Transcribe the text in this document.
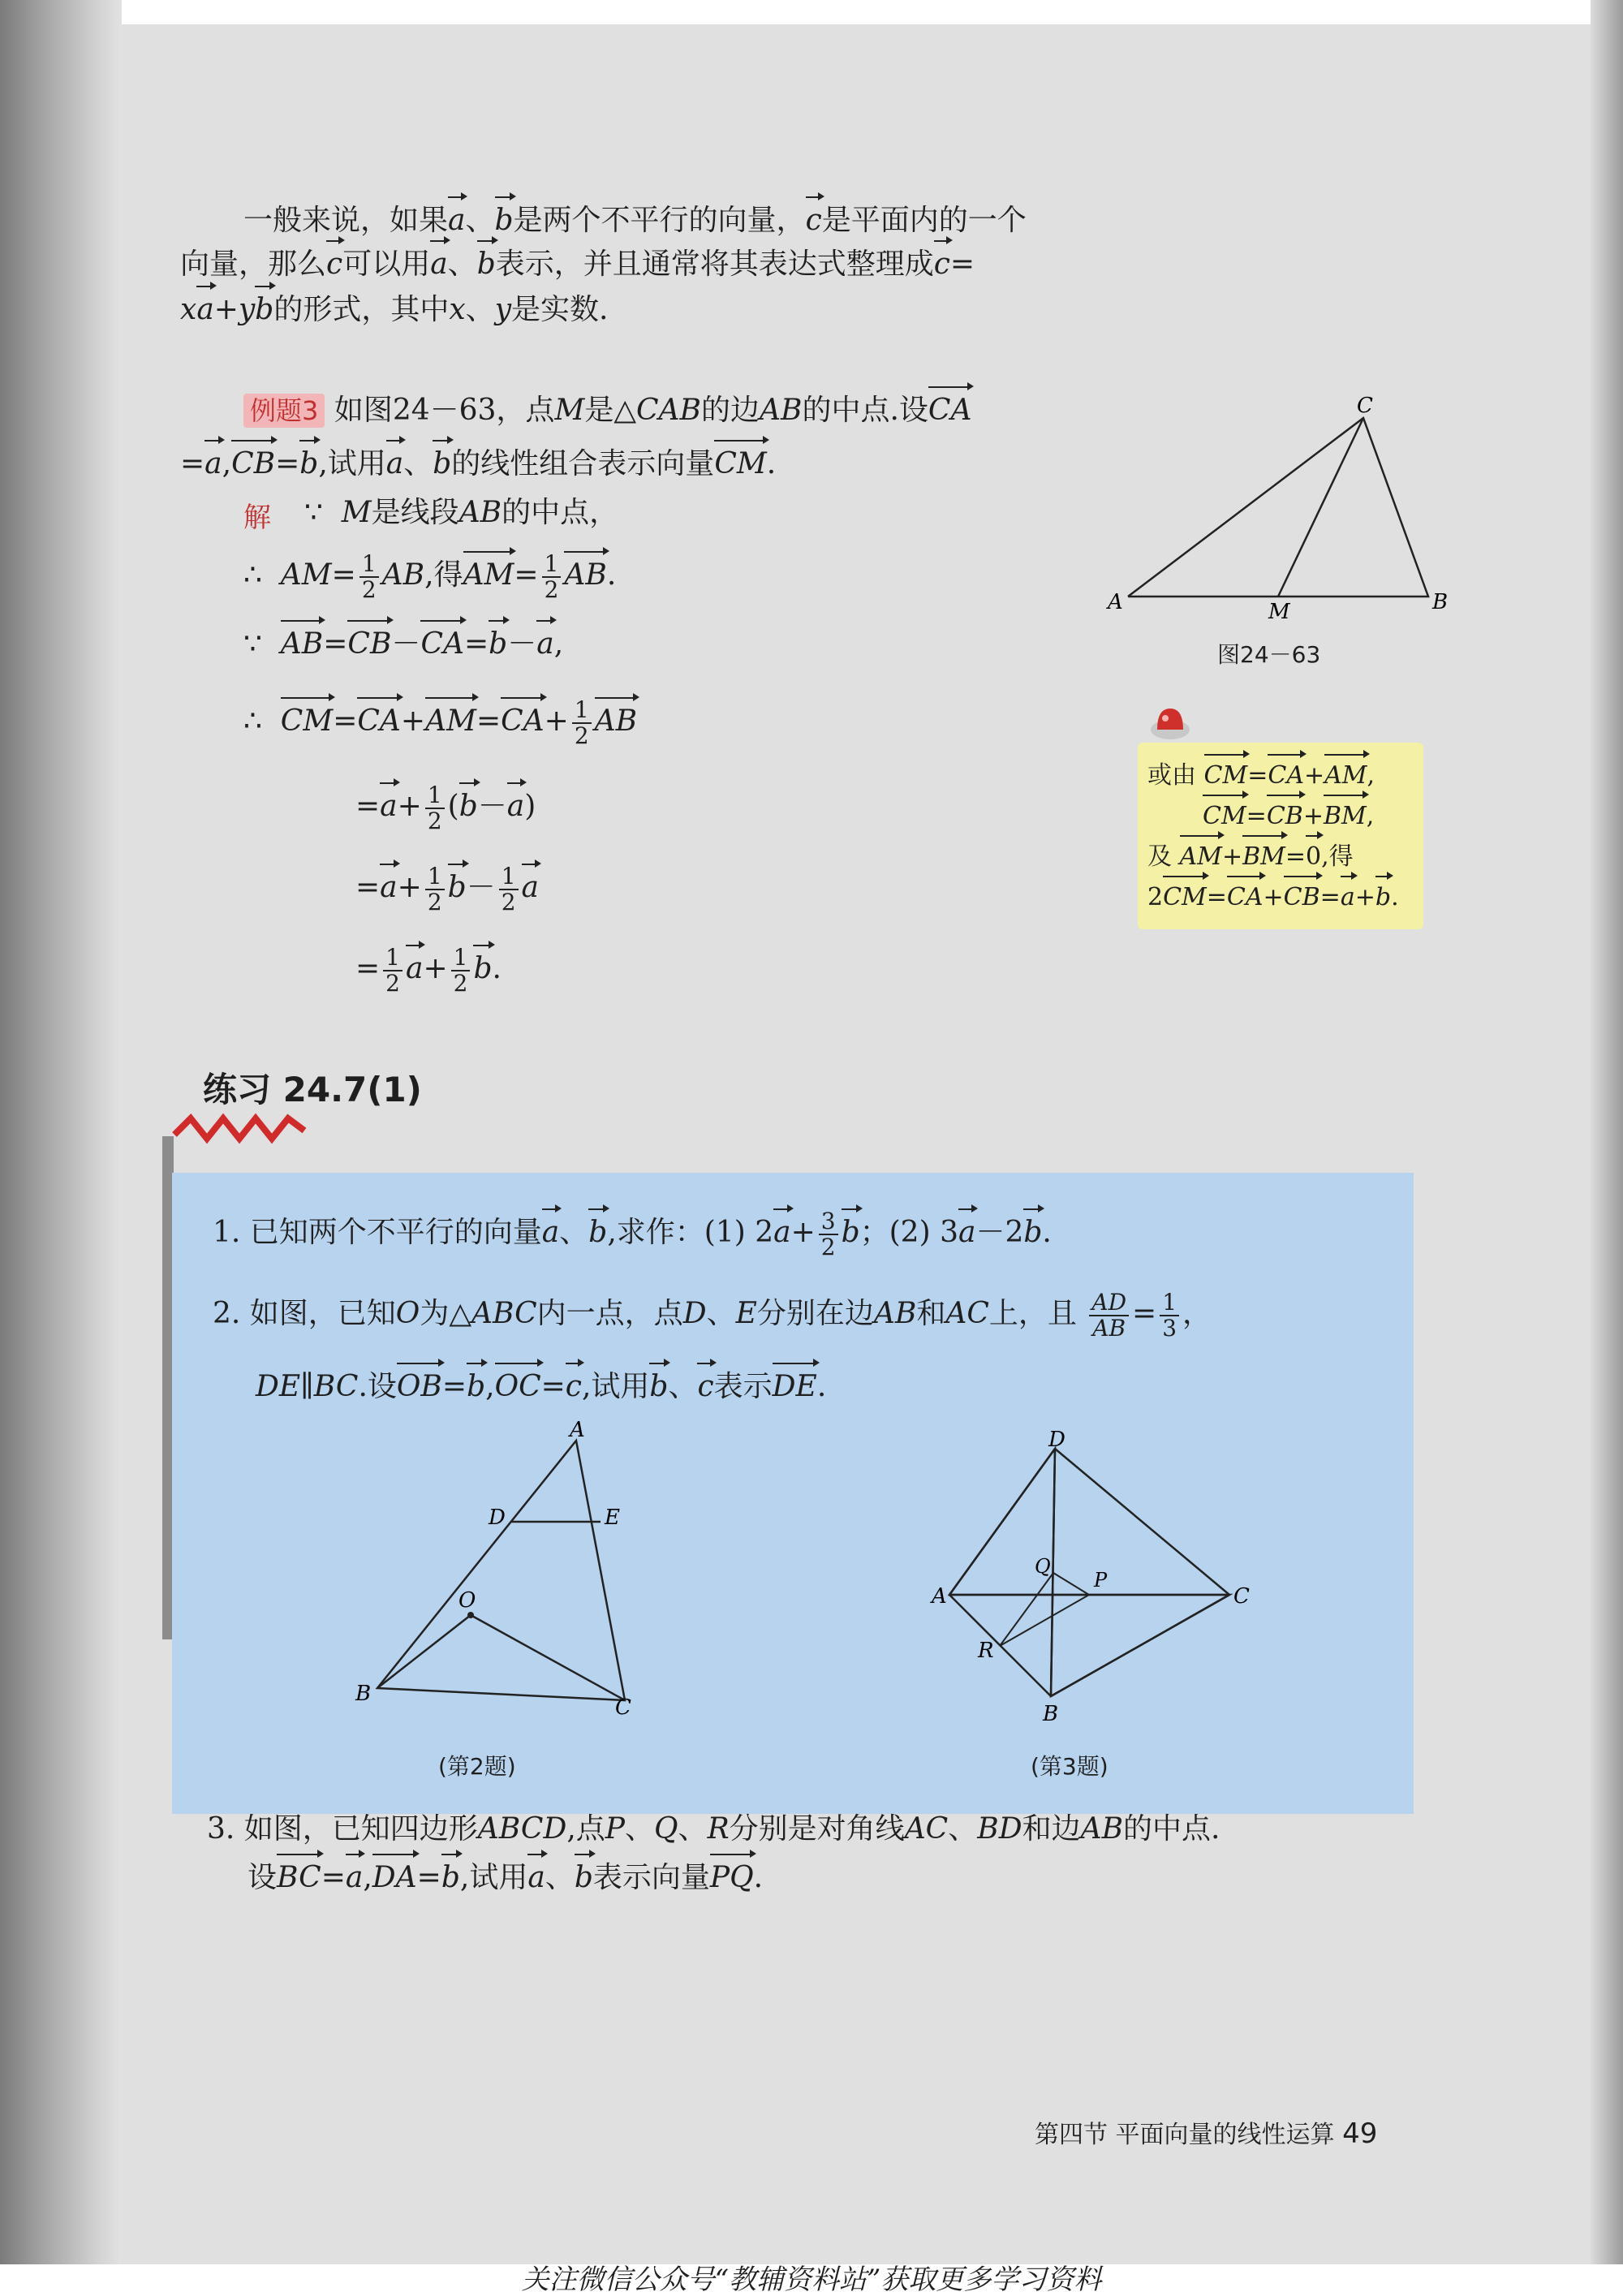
一般来说，如果a、b是两个不平行的向量，c是平面内的一个
向量，那么c可以用a、b表示，并且通常将其表达式整理成c=
xa+yb的形式，其中x、y是实数.
例题3 如图24－63，点M是△CAB的边AB的中点.设CA
=a,CB=b,试用a、b的线性组合表示向量CM.
解 ∵  M是线段AB的中点，
∴  $AM= \frac{1}{2}$ AB,得$AM= \frac{1}{2}$ AB.
∵  AB=CB－CA=b－a,
∴  $CM=CA+AM=CA+ \frac{1}{2}$ AB
$=a+ \frac{1}{2} (b-a)$
$=a+ \frac{1}{2} b- \frac{1}{2}$ a
= $\frac{1}{2} a+ \frac{1}{2} b$.
C
A	M	B
图24－63
或由 CM=CA+AM,
CM=CB+BM,
及 AM+BM=0,得
2CM=CA+CB=a+b.
练习 24.7(1)
1. 已知两个不平行的向量a、b,求作：(1) $2a+ \frac{3}{2}$ b；(2) 3a－2b.
2. 如图，已知O为△ABC内一点，点D、E分别在边AB和AC上，且 $\frac{AD}{AB} = \frac{1}{3}$ ，
DE∥BC.设OB=b,OC=c,试用b、c表示DE.
A
D	E
O
B
C
(第2题)
D
Q
P
A	C
R
B
(第3题)
3. 如图，已知四边形ABCD,点P、Q、R分别是对角线AC、BD和边AB的中点.
设BC=a,DA=b,试用a、b表示向量PQ.
第四节 平面向量的线性运算 49
关注微信公众号“教辅资料站”获取更多学习资料
